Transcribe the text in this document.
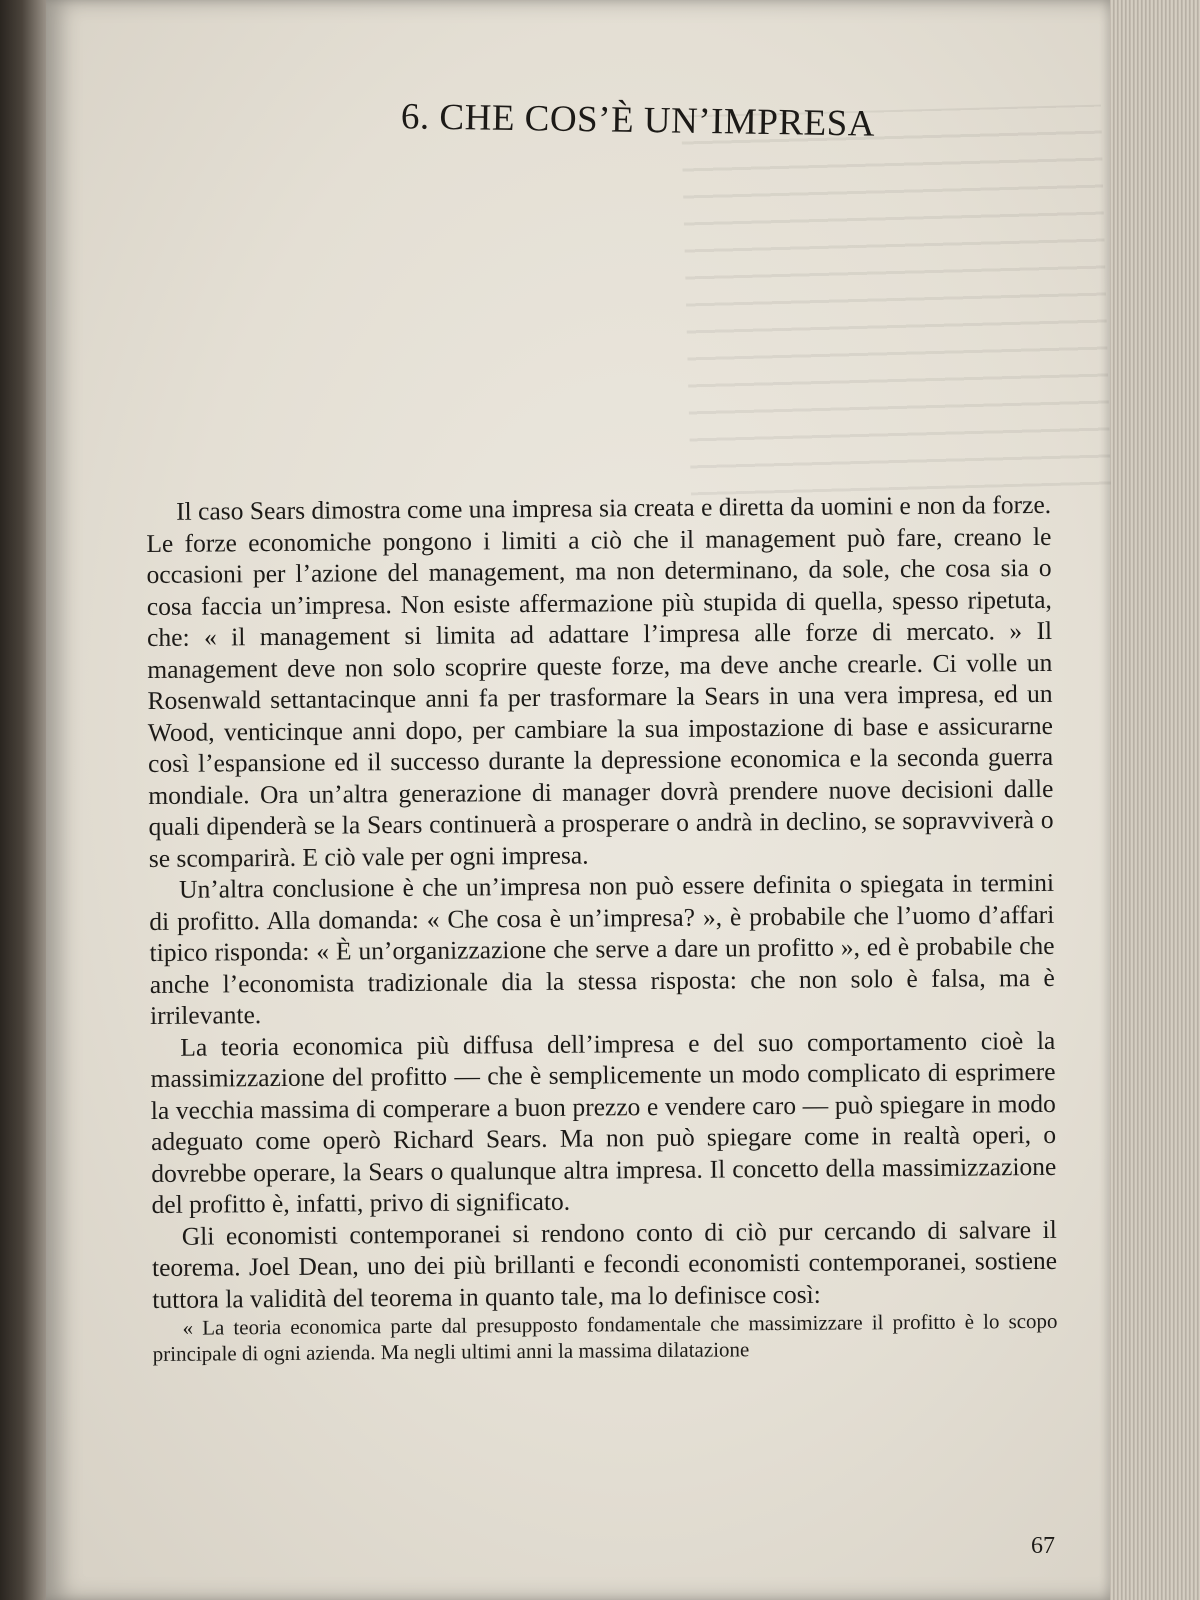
6. CHE COS’È UN’IMPRESA

Il caso Sears dimostra come una impresa sia creata e diretta da uomini e non da forze. Le forze economiche pongono i limiti a ciò che il management può fare, creano le occasioni per l’azione del management, ma non determinano, da sole, che cosa sia o cosa faccia un’impresa. Non esiste affermazione più stupida di quella, spesso ripetuta, che: « il management si limita ad adattare l’impresa alle forze di mercato. » Il management deve non solo scoprire queste forze, ma deve anche crearle. Ci volle un Rosenwald settantacinque anni fa per trasformare la Sears in una vera impresa, ed un Wood, venticinque anni dopo, per cambiare la sua impostazione di base e assicurarne così l’espansione ed il successo durante la depressione economica e la seconda guerra mondiale. Ora un’altra generazione di manager dovrà prendere nuove decisioni dalle quali dipenderà se la Sears continuerà a prosperare o andrà in declino, se sopravviverà o se scomparirà. E ciò vale per ogni impresa.

Un’altra conclusione è che un’impresa non può essere definita o spiegata in termini di profitto. Alla domanda: « Che cosa è un’impresa? », è probabile che l’uomo d’affari tipico risponda: « È un’organizzazione che serve a dare un profitto », ed è probabile che anche l’economista tradizionale dia la stessa risposta: che non solo è falsa, ma è irrilevante.

La teoria economica più diffusa dell’impresa e del suo comportamento cioè la massimizzazione del profitto — che è semplicemente un modo complicato di esprimere la vecchia massima di comperare a buon prezzo e vendere caro — può spiegare in modo adeguato come operò Richard Sears. Ma non può spiegare come in realtà operi, o dovrebbe operare, la Sears o qualunque altra impresa. Il concetto della massimizzazione del profitto è, infatti, privo di significato.

Gli economisti contemporanei si rendono conto di ciò pur cercando di salvare il teorema. Joel Dean, uno dei più brillanti e fecondi economisti contemporanei, sostiene tuttora la validità del teorema in quanto tale, ma lo definisce così:

« La teoria economica parte dal presupposto fondamentale che massimizzare il profitto è lo scopo principale di ogni azienda. Ma negli ultimi anni la massima dilatazione

67
